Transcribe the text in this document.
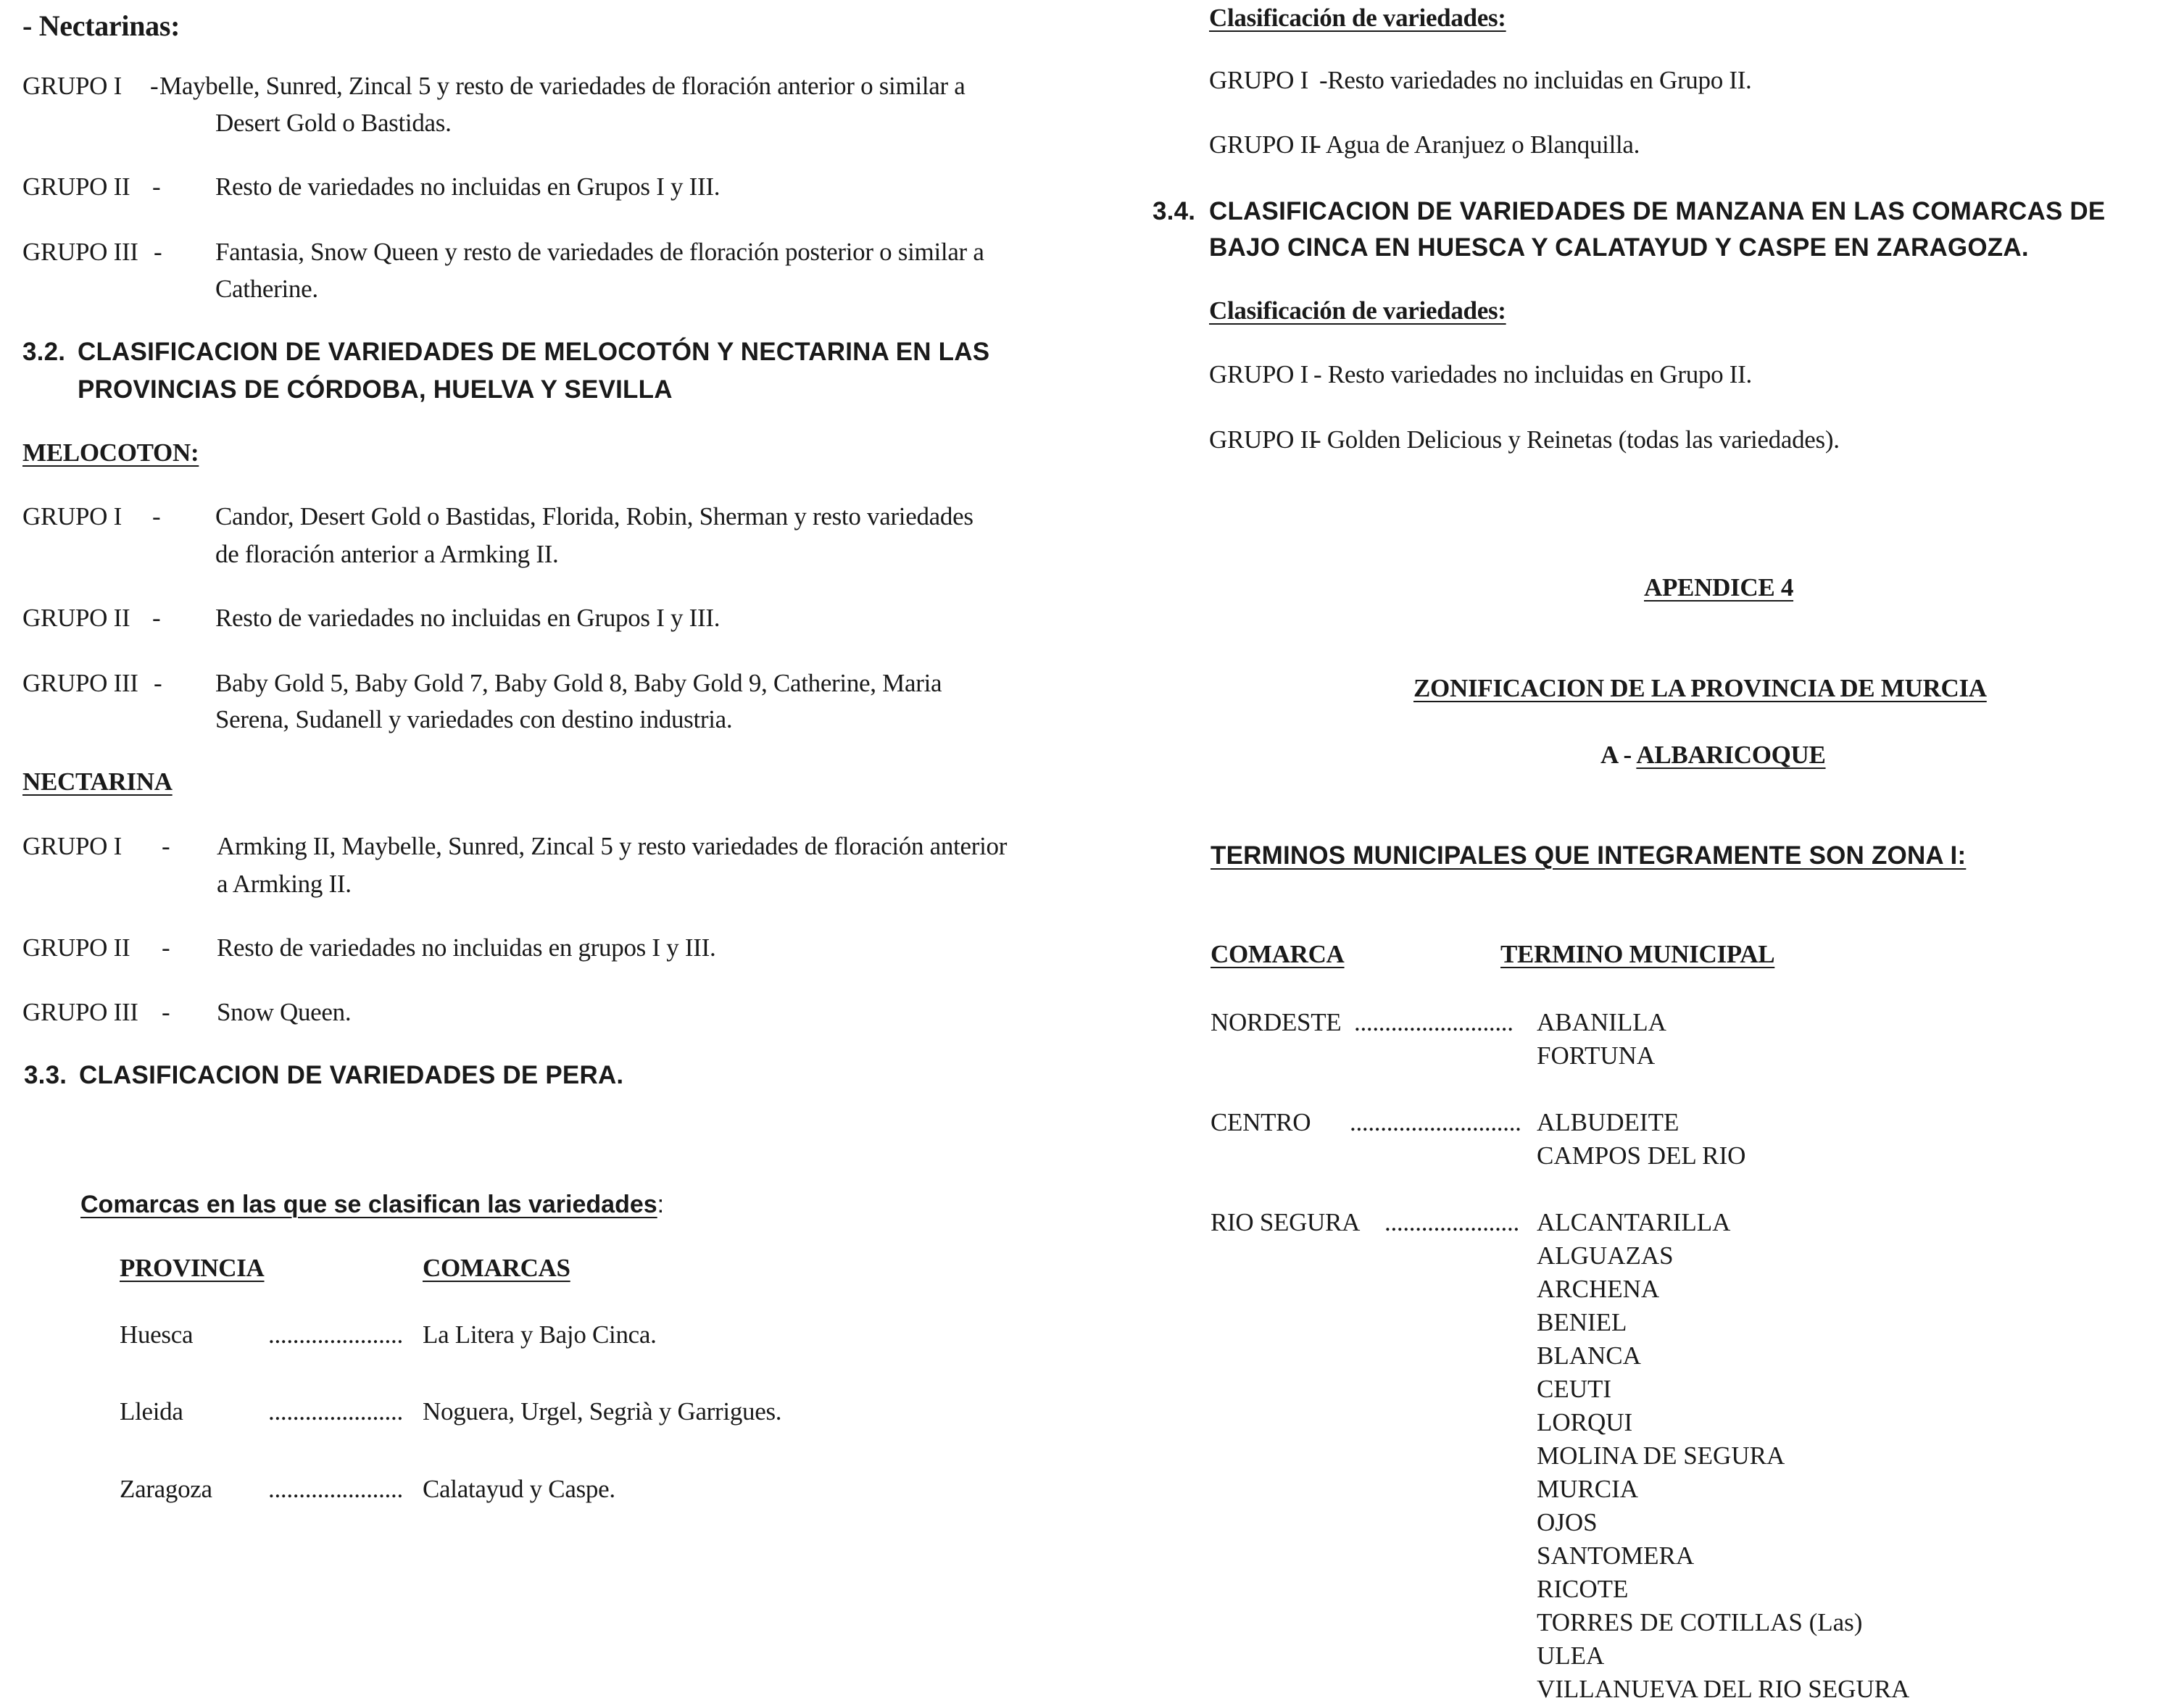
- Nectarinas:
GRUPO I - Maybelle, Sunred, Zincal 5 y resto de variedades de floración anterior o similar a
Desert Gold o Bastidas.
GRUPO II - Resto de variedades no incluidas en Grupos I y III.
GRUPO III - Fantasia, Snow Queen y resto de variedades de floración posterior o similar a
Catherine.
3.2. CLASIFICACION DE VARIEDADES DE MELOCOTÓN Y NECTARINA EN LAS
PROVINCIAS DE CÓRDOBA, HUELVA Y SEVILLA
MELOCOTON:
GRUPO I - Candor, Desert Gold o Bastidas, Florida, Robin, Sherman y resto variedades
de floración anterior a Armking II.
GRUPO II - Resto de variedades no incluidas en Grupos I y III.
GRUPO III - Baby Gold 5, Baby Gold 7, Baby Gold 8, Baby Gold 9, Catherine, Maria
Serena, Sudanell y variedades con destino industria.
NECTARINA
GRUPO I - Armking II, Maybelle, Sunred, Zincal 5 y resto variedades de floración anterior
a Armking II.
GRUPO II - Resto de variedades no incluidas en grupos I y III.
GRUPO III - Snow Queen.
3.3. CLASIFICACION DE VARIEDADES DE PERA.
Comarcas en las que se clasifican las variedades:
PROVINCIA	COMARCAS
Huesca	...................... La Litera y Bajo Cinca.
Lleida	...................... Noguera, Urgel, Segrià y Garrigues.
Zaragoza ...................... Calatayud y Caspe.
Clasificación de variedades:
GRUPO I -Resto variedades no incluidas en Grupo II.
GRUPO II
- Agua de Aranjuez o Blanquilla.
3.4. CLASIFICACION DE VARIEDADES DE MANZANA EN LAS COMARCAS DE
BAJO CINCA EN HUESCA Y CALATAYUD Y CASPE EN ZARAGOZA.
Clasificación de variedades:
GRUPO I - Resto variedades no incluidas en Grupo II.
GRUPO II
- Golden Delicious y Reinetas (todas las variedades).
APENDICE 4
ZONIFICACION DE LA PROVINCIA DE MURCIA
A - ALBARICOQUE
TERMINOS MUNICIPALES QUE INTEGRAMENTE SON ZONA I:
COMARCA	TERMINO MUNICIPAL
NORDESTE .......................... ABANILLA
FORTUNA
CENTRO ............................ ALBUDEITE
CAMPOS DEL RIO
RIO SEGURA ...................... ALCANTARILLA
ALGUAZAS
ARCHENA
BENIEL
BLANCA
CEUTI
LORQUI
MOLINA DE SEGURA
MURCIA
OJOS
SANTOMERA
RICOTE
TORRES DE COTILLAS (Las)
ULEA
VILLANUEVA DEL RIO SEGURA
